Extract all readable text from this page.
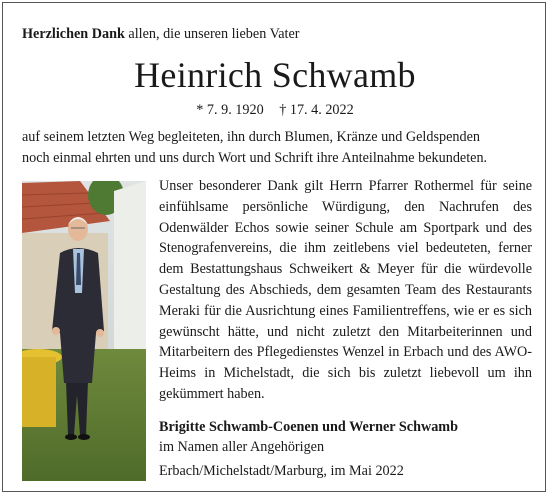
Herzlichen Dank allen, die unseren lieben Vater
Heinrich Schwamb
* 7. 9. 1920 † 17. 4. 2022
auf seinem letzten Weg begleiteten, ihn durch Blumen, Kränze und Geldspenden
noch einmal ehrten und uns durch Wort und Schrift ihre Anteilnahme bekundeten.
Unser besonderer Dank gilt Herrn Pfarrer Rothermel für seine einfühlsame persönliche Würdigung, den Nachrufen des Odenwälder Echos sowie seiner Schule am Sportpark und des Stenografenvereins, die ihm zeitlebens viel bedeuteten, ferner dem Bestattungshaus Schweikert & Meyer für die würdevolle Gestaltung des Abschieds, dem gesamten Team des Restaurants Meraki für die Ausrichtung eines Familientreffens, wie er es sich gewünscht hätte, und nicht zuletzt den Mitarbeiterinnen und Mitarbeitern des Pflegedienstes Wenzel in Erbach und des AWO-Heims in Michelstadt, die sich bis zuletzt liebevoll um ihn gekümmert haben.
Brigitte Schwamb-Coenen und Werner Schwamb
im Namen aller Angehörigen
Erbach/Michelstadt/Marburg, im Mai 2022
